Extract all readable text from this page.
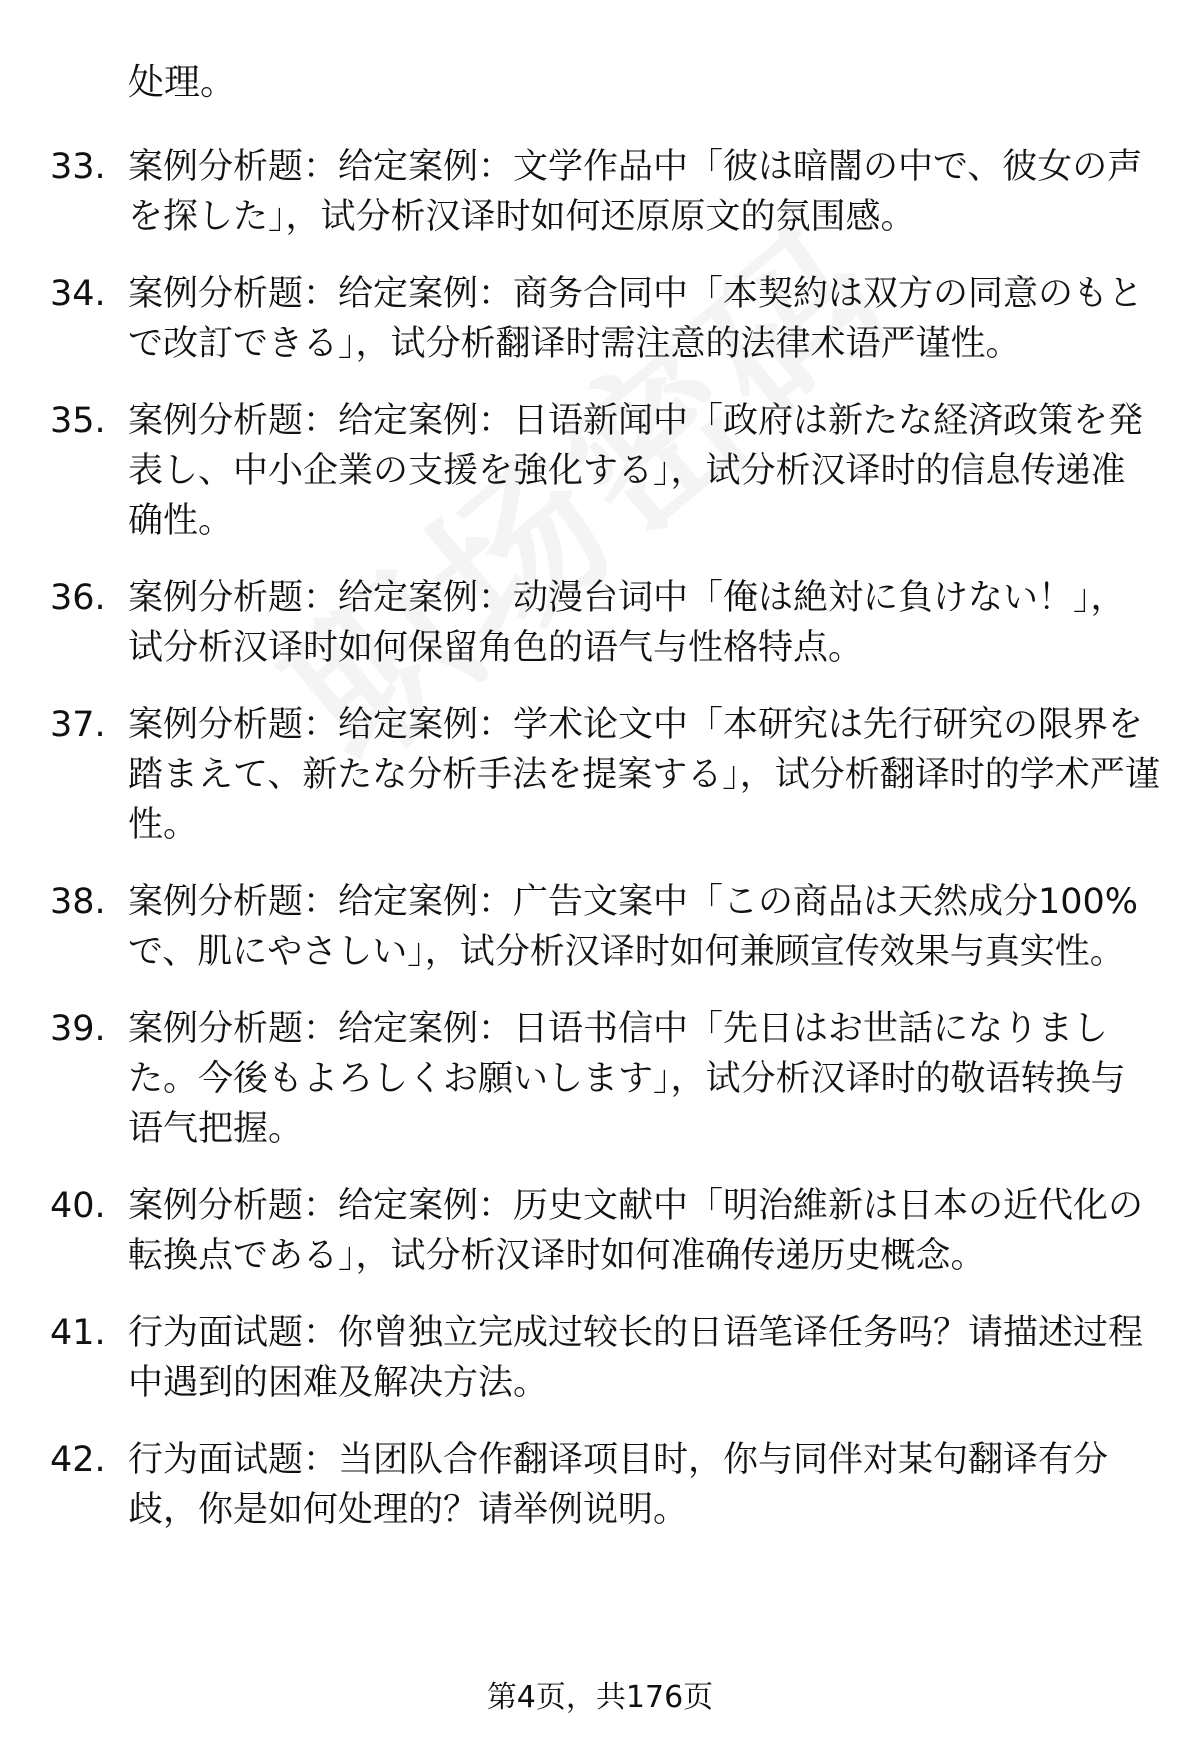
处理。
33. 案例分析题：给定案例：文学作品中「彼は暗闇の中で、彼女の声を探した」，试分析汉译时如何还原原文的氛围感。
34. 案例分析题：给定案例：商务合同中「本契約は双方の同意のもとで改訂できる」，试分析翻译时需注意的法律术语严谨性。
35. 案例分析题：给定案例：日语新闻中「政府は新たな経済政策を発表し、中小企業の支援を強化する」，试分析汉译时的信息传递准确性。
36. 案例分析题：给定案例：动漫台词中「俺は絶対に負けない！」，试分析汉译时如何保留角色的语气与性格特点。
37. 案例分析题：给定案例：学术论文中「本研究は先行研究の限界を踏まえて、新たな分析手法を提案する」，试分析翻译时的学术严谨性。
38. 案例分析题：给定案例：广告文案中「この商品は天然成分100%で、肌にやさしい」，试分析汉译时如何兼顾宣传效果与真实性。
39. 案例分析题：给定案例：日语书信中「先日はお世話になりました。今後もよろしくお願いします」，试分析汉译时的敬语转换与语气把握。
40. 案例分析题：给定案例：历史文献中「明治維新は日本の近代化の転換点である」，试分析汉译时如何准确传递历史概念。
41. 行为面试题：你曾独立完成过较长的日语笔译任务吗？请描述过程中遇到的困难及解决方法。
42. 行为面试题：当团队合作翻译项目时，你与同伴对某句翻译有分歧，你是如何处理的？请举例说明。
第4页，共176页
